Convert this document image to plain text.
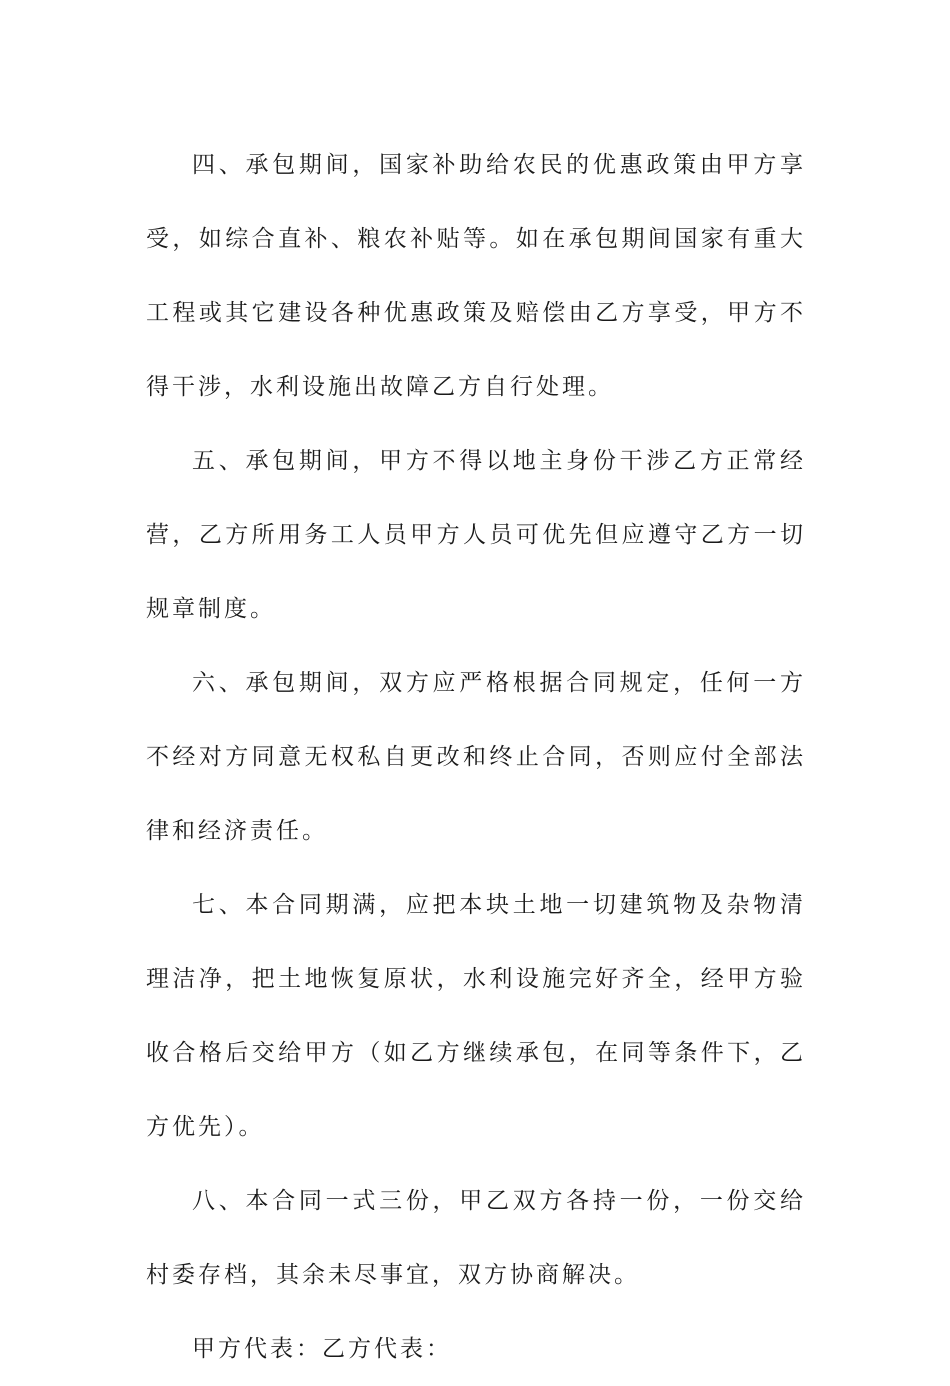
四、承包期间，国家补助给农民的优惠政策由甲方享受，如综合直补、粮农补贴等。如在承包期间国家有重大工程或其它建设各种优惠政策及赔偿由乙方享受，甲方不得干涉，水利设施出故障乙方自行处理。

五、承包期间，甲方不得以地主身份干涉乙方正常经营，乙方所用务工人员甲方人员可优先但应遵守乙方一切规章制度。

六、承包期间，双方应严格根据合同规定，任何一方不经对方同意无权私自更改和终止合同，否则应付全部法律和经济责任。

七、本合同期满，应把本块土地一切建筑物及杂物清理洁净，把土地恢复原状，水利设施完好齐全，经甲方验收合格后交给甲方（如乙方继续承包，在同等条件下，乙方优先）。

八、本合同一式三份，甲乙双方各持一份，一份交给村委存档，其余未尽事宜，双方协商解决。

甲方代表：乙方代表：
